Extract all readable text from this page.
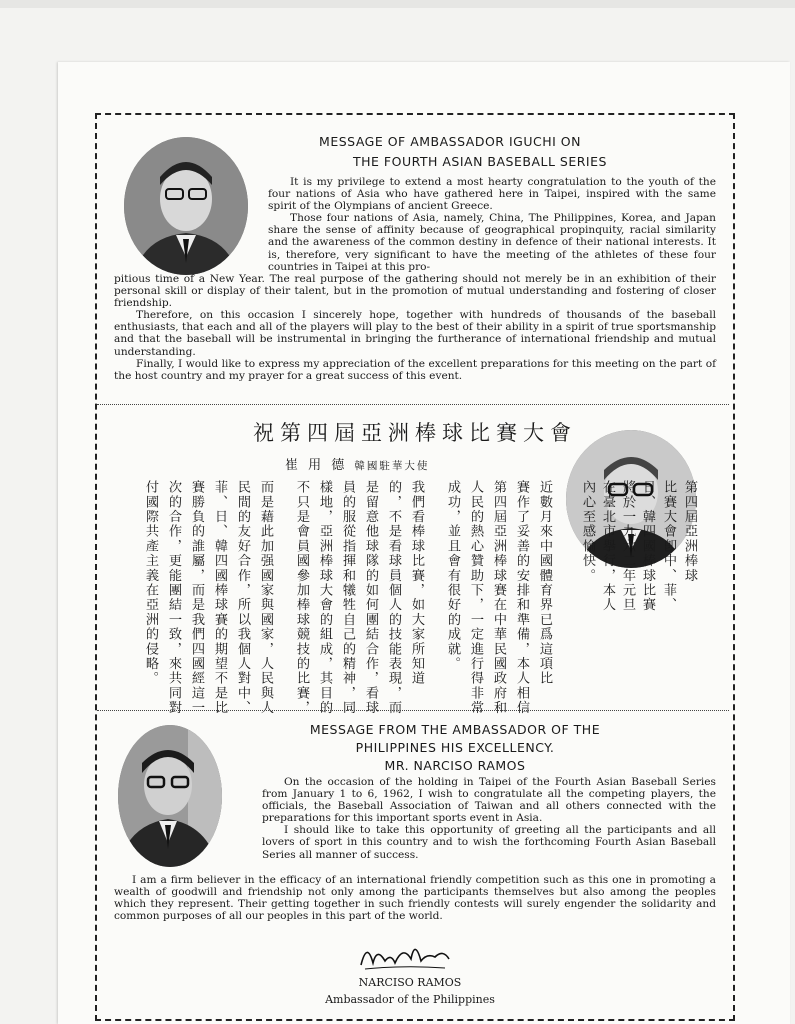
MESSAGE OF AMBASSADOR IGUCHI ON
THE FOURTH ASIAN BASEBALL SERIES

It is my privilege to extend a most hearty congratulation to the youth of the four nations of Asia who have gathered here in Taipei, inspired with the same spirit of the Olympians of ancient Greece.

Those four nations of Asia, namely, China, The Philippines, Korea, and Japan share the sense of affinity because of geographical propinquity, racial similarity and the awareness of the common destiny in defence of their national interests. It is, therefore, very significant to have the meeting of the athletes of these four countries in Taipei at this pro-

pitious time of a New Year. The real purpose of the gathering should not merely be in an exhibition of their personal skill or display of their talent, but in the promotion of mutual understanding and fostering of closer friendship.

Therefore, on this occasion I sincerely hope, together with hundreds of thousands of the baseball enthusiasts, that each and all of the players will play to the best of their ability in a spirit of true sportsmanship and that the baseball will be instrumental in bringing the furtherance of international friendship and mutual understanding.

Finally, I would like to express my appreciation of the excellent preparations for this meeting on the part of the host country and my prayer for a great success of this event.

祝第四屆亞洲棒球比賽大會
崔 用 德 韓國駐華大使
第四屆亞洲棒球
比賽大會卽中、菲、
日、韓四國棒球比賽
將於一九六二年元旦
在臺北市擧行，本人
內心至感愉快。
近數月來中國體育界已爲這項比
賽作了妥善的安排和準備，本人相信
第四屆亞洲棒球賽在中華民國政府和
人民的熱心贊助下，一定進行得非常
成功，並且會有很好的成就。
我們看棒球比賽，如大家所知道
的，不是看球員個人的技能表現，而
是留意他球隊的如何團結合作，看球
員的服從指揮和犧牲自己的精神，同
樣地，亞洲棒球大會的組成，其目的
不只是會員國參加棒球競技的比賽，
而是藉此加强國家與國家，人民與人
民間的友好合作，所以我個人對中、
菲、日、韓四國棒球賽的期望不是比
賽勝負的誰屬，而是我們四國經這一
次的合作，更能團結一致，來共同對
付國際共產主義在亞洲的侵略。
MESSAGE FROM THE AMBASSADOR OF THE
PHILIPPINES HIS EXCELLENCY.
MR. NARCISO RAMOS

On the occasion of the holding in Taipei of the Fourth Asian Baseball Series from January 1 to 6, 1962, I wish to congratulate all the competing players, the officials, the Baseball Association of Taiwan and all others connected with the preparations for this important sports event in Asia.

I should like to take this opportunity of greeting all the participants and all lovers of sport in this country and to wish the forthcoming Fourth Asian Baseball Series all manner of success.

I am a firm believer in the efficacy of an international friendly competition such as this one in promoting a wealth of goodwill and friendship not only among the participants themselves but also among the peoples which they represent. Their getting together in such friendly contests will surely engender the solidarity and common purposes of all our peoples in this part of the world.

NARCISO RAMOS
Ambassador of the Philippines
